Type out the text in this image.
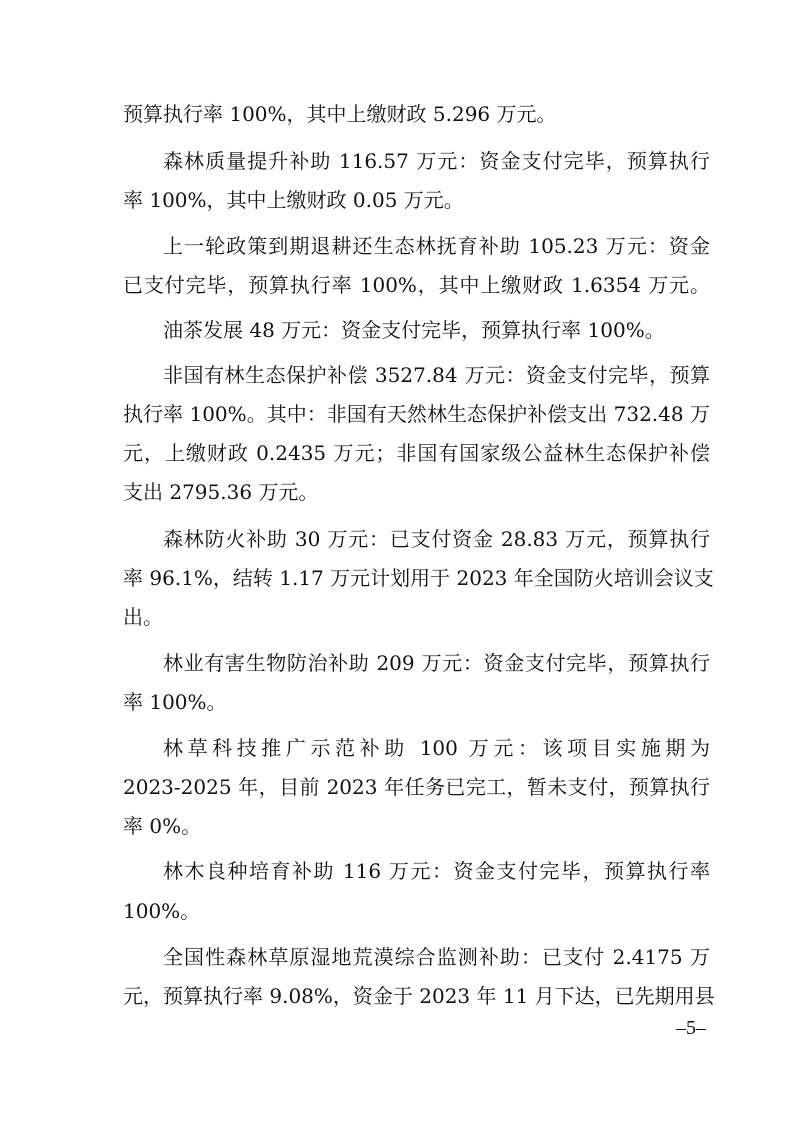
预算执行率 100%，其中上缴财政 5.296 万元。

森林质量提升补助 116.57 万元：资金支付完毕，预算执行

率 100%，其中上缴财政 0.05 万元。

上一轮政策到期退耕还生态林抚育补助 105.23 万元：资金

已支付完毕，预算执行率 100%，其中上缴财政 1.6354 万元。

油茶发展 48 万元：资金支付完毕，预算执行率 100%。

非国有林生态保护补偿 3527.84 万元：资金支付完毕，预算

执行率 100%。其中：非国有天然林生态保护补偿支出 732.48 万

元，上缴财政 0.2435 万元；非国有国家级公益林生态保护补偿

支出 2795.36 万元。

森林防火补助 30 万元：已支付资金 28.83 万元，预算执行

率 96.1%，结转 1.17 万元计划用于 2023 年全国防火培训会议支

出。

林业有害生物防治补助 209 万元：资金支付完毕，预算执行

率 100%。

林草科技推广示范补助 100 万元：该项目实施期为

2023-2025 年，目前 2023 年任务已完工，暂未支付，预算执行

率 0%。

林木良种培育补助 116 万元：资金支付完毕，预算执行率

100%。

全国性森林草原湿地荒漠综合监测补助：已支付 2.4175 万

元，预算执行率 9.08%，资金于 2023 年 11 月下达，已先期用县

–5–
